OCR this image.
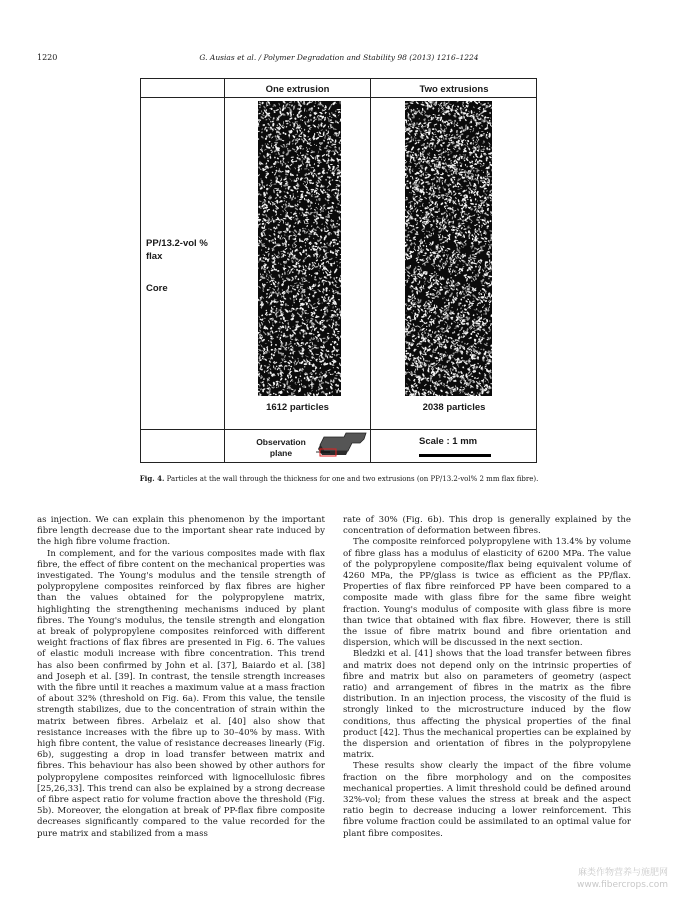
1220	G. Ausias et al. / Polymer Degradation and Stability 98 (2013) 1216–1224
One extrusion	Two extrusions
PP/13.2-vol %
flax
Core
1612 particles	2038 particles
Observation
plane
Scale : 1 mm
Fig. 4. Particles at the wall through the thickness for one and two extrusions (on PP/13.2-vol% 2 mm flax fibre).

as injection. We can explain this phenomenon by the important fibre length decrease due to the important shear rate induced by the high fibre volume fraction.

In complement, and for the various composites made with flax fibre, the effect of fibre content on the mechanical properties was investigated. The Young's modulus and the tensile strength of polypropylene composites reinforced by flax fibres are higher than the values obtained for the polypropylene matrix, highlighting the strengthening mechanisms induced by plant fibres. The Young's modulus, the tensile strength and elongation at break of polypropylene composites reinforced with different weight fractions of flax fibres are presented in Fig. 6. The values of elastic moduli increase with fibre concentration. This trend has also been confirmed by John et al. [37], Baiardo et al. [38] and Joseph et al. [39]. In contrast, the tensile strength increases with the fibre until it reaches a maximum value at a mass fraction of about 32% (threshold on Fig. 6a). From this value, the tensile strength stabilizes, due to the concentration of strain within the matrix between fibres. Arbelaiz et al. [40] also show that resistance increases with the fibre up to 30–40% by mass. With high fibre content, the value of resistance decreases linearly (Fig. 6b), suggesting a drop in load transfer between matrix and fibres. This behaviour has also been showed by other authors for polypropylene composites reinforced with lignocellulosic fibres [25,26,33]. This trend can also be explained by a strong decrease of fibre aspect ratio for volume fraction above the threshold (Fig. 5b). Moreover, the elongation at break of PP-flax fibre composite decreases significantly compared to the value recorded for the pure matrix and stabilized from a mass

rate of 30% (Fig. 6b). This drop is generally explained by the concentration of deformation between fibres.

The composite reinforced polypropylene with 13.4% by volume of fibre glass has a modulus of elasticity of 6200 MPa. The value of the polypropylene composite/flax being equivalent volume of 4260 MPa, the PP/glass is twice as efficient as the PP/flax. Properties of flax fibre reinforced PP have been compared to a composite made with glass fibre for the same fibre weight fraction. Young's modulus of composite with glass fibre is more than twice that obtained with flax fibre. However, there is still the issue of fibre matrix bound and fibre orientation and dispersion, which will be discussed in the next section.

Bledzki et al. [41] shows that the load transfer between fibres and matrix does not depend only on the intrinsic properties of fibre and matrix but also on parameters of geometry (aspect ratio) and arrangement of fibres in the matrix as the fibre distribution. In an injection process, the viscosity of the fluid is strongly linked to the microstructure induced by the flow conditions, thus affecting the physical properties of the final product [42]. Thus the mechanical properties can be explained by the dispersion and orientation of fibres in the polypropylene matrix.

These results show clearly the impact of the fibre volume fraction on the fibre morphology and on the composites mechanical properties. A limit threshold could be defined around 32%-vol; from these values the stress at break and the aspect ratio begin to decrease inducing a lower reinforcement. This fibre volume fraction could be assimilated to an optimal value for plant fibre composites.

麻类作物营养与施肥网
www.fibercrops.com
